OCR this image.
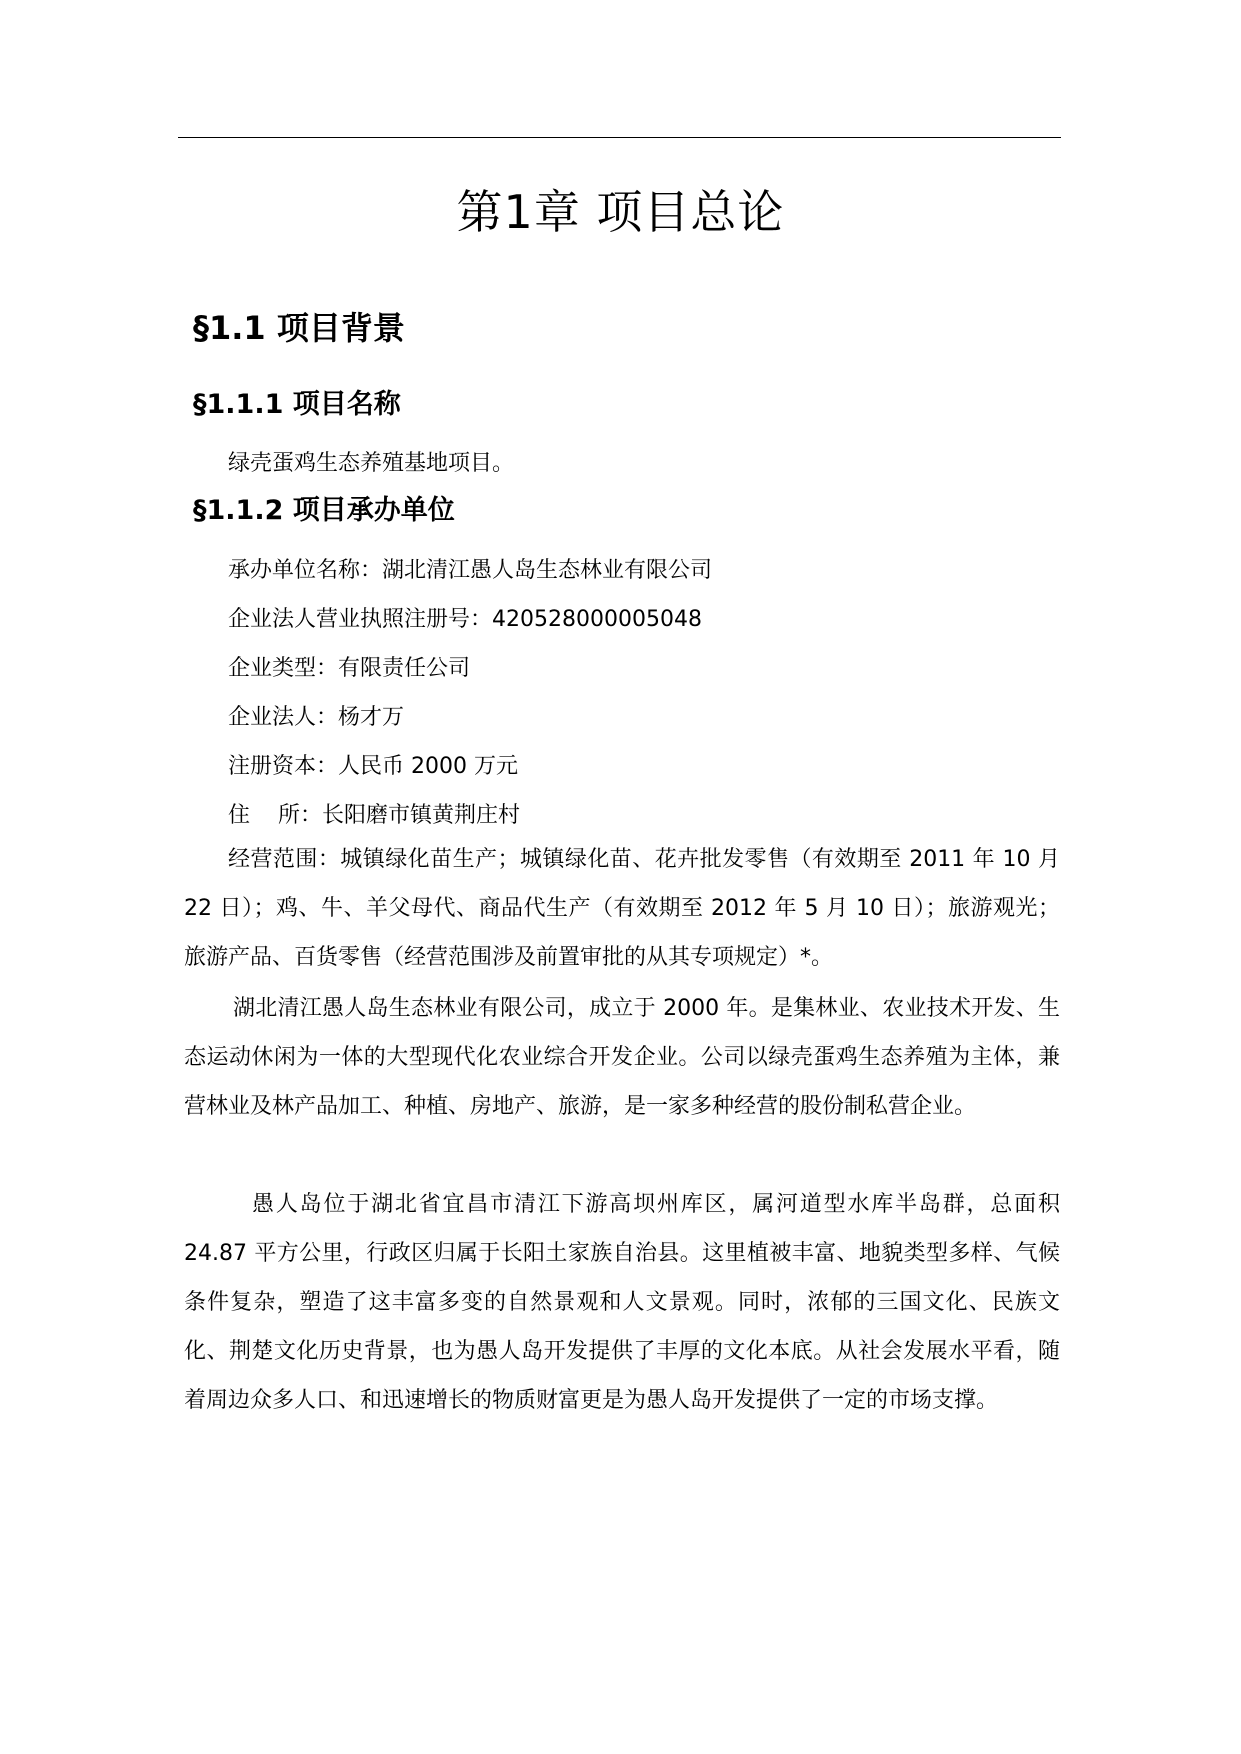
第1章 项目总论
§1.1 项目背景
§1.1.1 项目名称

绿壳蛋鸡生态养殖基地项目。

§1.1.2 项目承办单位

承办单位名称：湖北清江愚人岛生态林业有限公司

企业法人营业执照注册号：420528000005048

企业类型：有限责任公司

企业法人：杨才万

注册资本：人民币 2000 万元

住    所：长阳磨市镇黄荆庄村

经营范围：城镇绿化苗生产；城镇绿化苗、花卉批发零售（有效期至 2011 年 10 月 22 日）；鸡、牛、羊父母代、商品代生产（有效期至 2012 年 5 月 10 日）；旅游观光；旅游产品、百货零售（经营范围涉及前置审批的从其专项规定）*。

湖北清江愚人岛生态林业有限公司，成立于 2000 年。是集林业、农业技术开发、生态运动休闲为一体的大型现代化农业综合开发企业。公司以绿壳蛋鸡生态养殖为主体，兼营林业及林产品加工、种植、房地产、旅游，是一家多种经营的股份制私营企业。

愚人岛位于湖北省宜昌市清江下游高坝州库区，属河道型水库半岛群，总面积 24.87 平方公里，行政区归属于长阳土家族自治县。这里植被丰富、地貌类型多样、气候条件复杂，塑造了这丰富多变的自然景观和人文景观。同时，浓郁的三国文化、民族文化、荆楚文化历史背景，也为愚人岛开发提供了丰厚的文化本底。从社会发展水平看，随着周边众多人口、和迅速增长的物质财富更是为愚人岛开发提供了一定的市场支撑。
